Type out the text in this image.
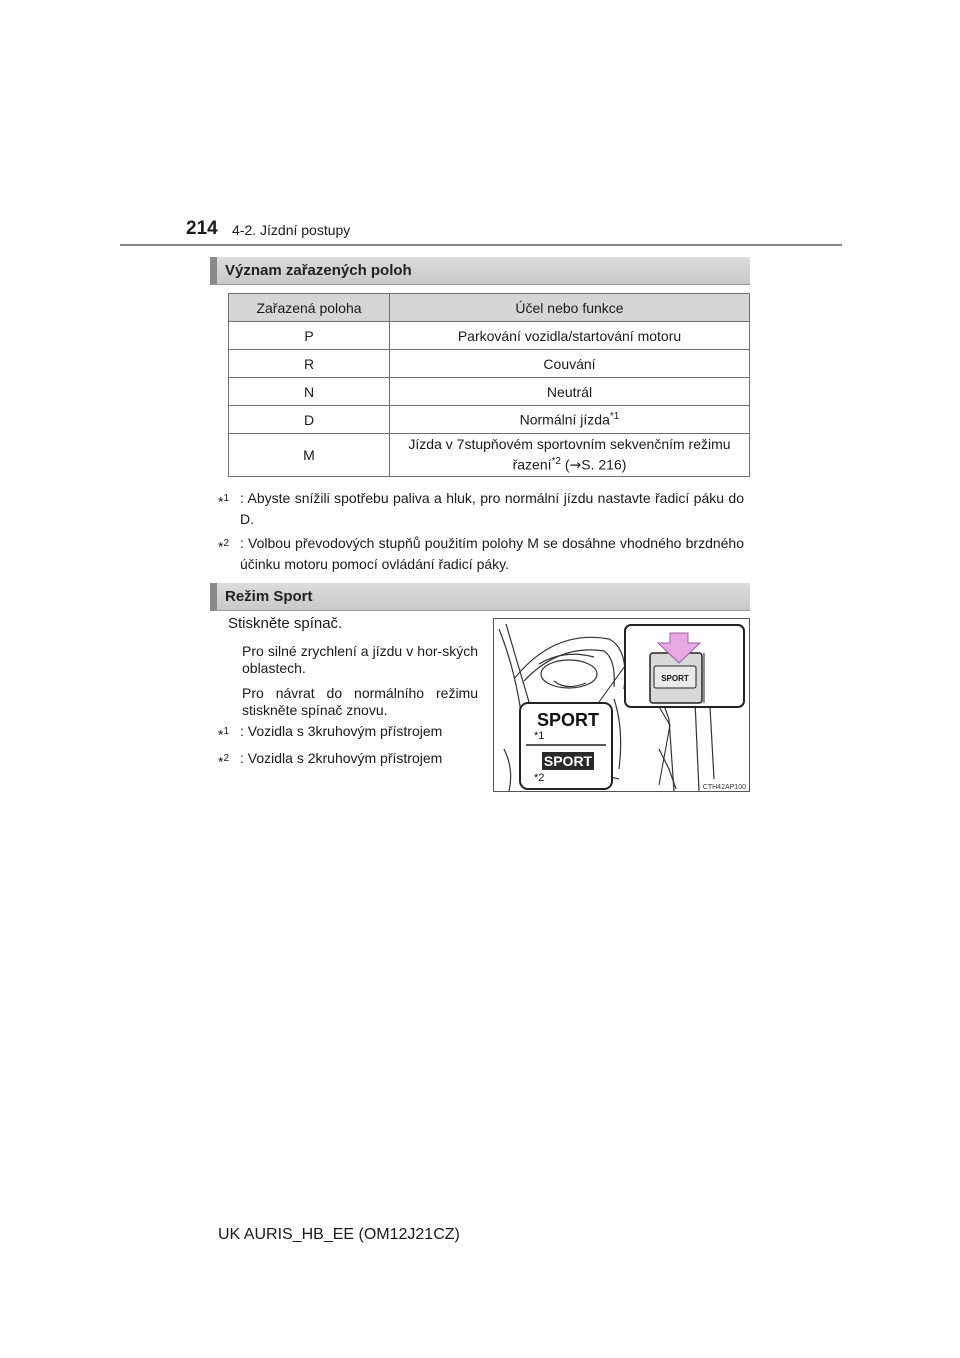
214 4-2. Jízdní postupy
Význam zařazených poloh
Zařazená poloha	Účel nebo funkce
P	Parkování vozidla/startování motoru
R	Couvání
N	Neutrál
D	Normální jízda$^{*1}$
M	Jízda v 7stupňovém sportovním sekvenčním režimu
řazení$^{*2}$ (→S. 216)
*$^1$ : Abyste snížili spotřebu paliva a hluk, pro normální jízdu nastavte řadicí páku do D.
*$^2$ : Volbou převodových stupňů použitím polohy M se dosáhne vhodného brzdného účinku motoru pomocí ovládání řadicí páky.
Režim Sport
Stiskněte spínač.
Pro silné zrychlení a jízdu v hor-ských oblastech.
Pro návrat do normálního režimu stiskněte spínač znovu.
*$^1$ : Vozidla s 3kruhovým přístrojem
*$^2$ : Vozidla s 2kruhovým přístrojem
SPORT
SPORT
*1
SPORT
*2
CTH42AP100
UK AURIS_HB_EE (OM12J21CZ)
